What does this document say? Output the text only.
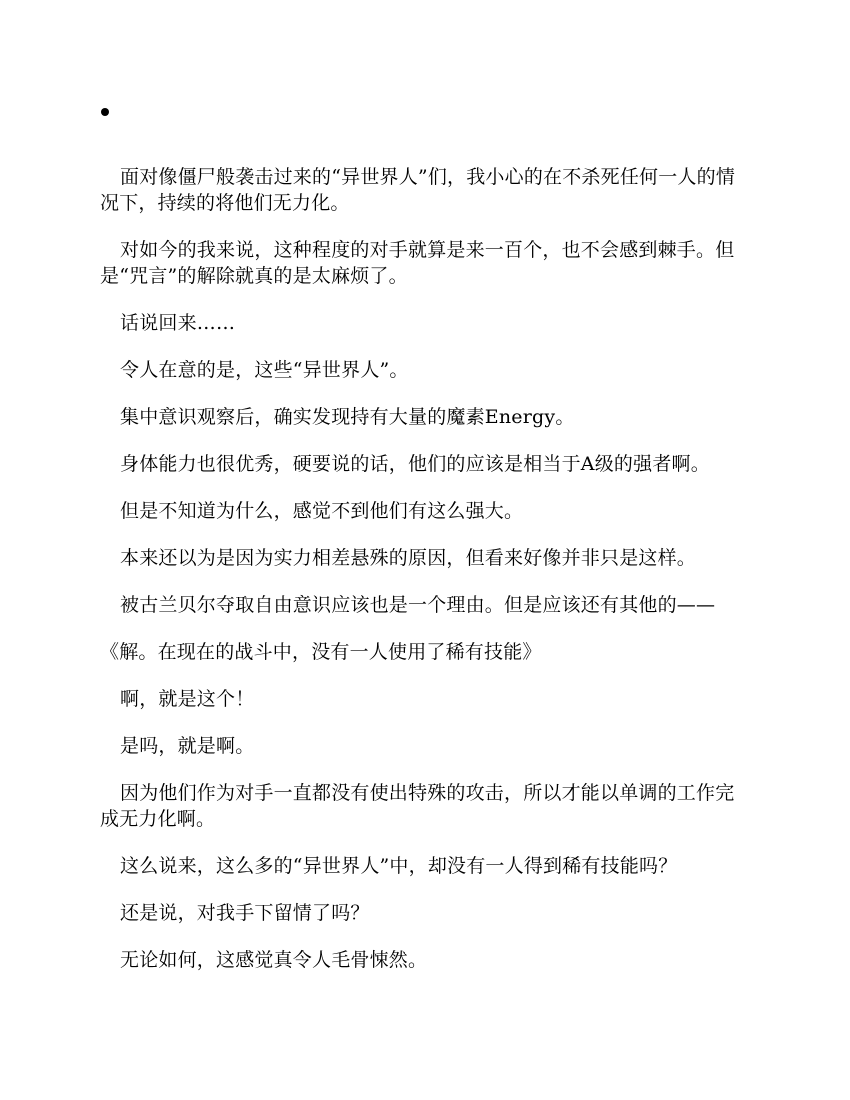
面对像僵尸般袭击过来的“异世界人”们，我小心的在不杀死任何一人的情况下，持续的将他们无力化。

对如今的我来说，这种程度的对手就算是来一百个，也不会感到棘手。但是“咒言”的解除就真的是太麻烦了。

话说回来……

令人在意的是，这些“异世界人”。

集中意识观察后，确实发现持有大量的魔素Energy。

身体能力也很优秀，硬要说的话，他们的应该是相当于A级的强者啊。

但是不知道为什么，感觉不到他们有这么强大。

本来还以为是因为实力相差悬殊的原因，但看来好像并非只是这样。

被古兰贝尔夺取自由意识应该也是一个理由。但是应该还有其他的——

《解。在现在的战斗中，没有一人使用了稀有技能》

啊，就是这个！

是吗，就是啊。

因为他们作为对手一直都没有使出特殊的攻击，所以才能以单调的工作完成无力化啊。

这么说来，这么多的“异世界人”中，却没有一人得到稀有技能吗？

还是说，对我手下留情了吗？

无论如何，这感觉真令人毛骨悚然。
